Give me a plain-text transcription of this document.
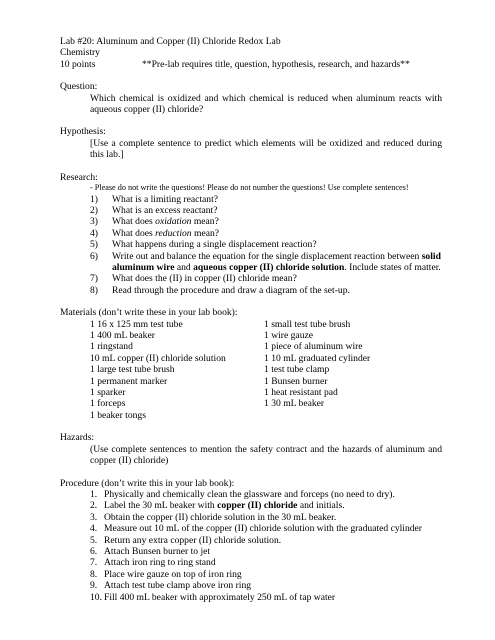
Lab #20: Aluminum and Copper (II) Chloride Redox Lab

Chemistry

10 points	**Pre-lab requires title, question, hypothesis, research, and hazards**

Question:

Which chemical is oxidized and which chemical is reduced when aluminum reacts with aqueous copper (II) chloride?

Hypothesis:

[Use a complete sentence to predict which elements will be oxidized and reduced during this lab.]

Research:

- Please do not write the questions! Please do not number the questions! Use complete sentences!

1)	What is a limiting reactant?
2)	What is an excess reactant?
3)	What does oxidation mean?
4)	What does reduction mean?
5)	What happens during a single displacement reaction?
6)	Write out and balance the equation for the single displacement reaction between solid aluminum wire and aqueous copper (II) chloride solution. Include states of matter.
7)	What does the (II) in copper (II) chloride mean?
8)	Read through the procedure and draw a diagram of the set-up.

Materials (don’t write these in your lab book):

1 16 x 125 mm test tube

1 400 mL beaker

1 ringstand

10 mL copper (II) chloride solution

1 large test tube brush

1 permanent marker

1 sparker

1 forceps

1 beaker tongs

1 small test tube brush

1 wire gauze

1 piece of aluminum wire

1 10 mL graduated cylinder

1 test tube clamp

1 Bunsen burner

1 heat resistant pad

1 30 mL beaker

Hazards:

(Use complete sentences to mention the safety contract and the hazards of aluminum and copper (II) chloride)

Procedure (don’t write this in your lab book):

1. Physically and chemically clean the glassware and forceps (no need to dry).
2. Label the 30 mL beaker with copper (II) chloride and initials.
3. Obtain the copper (II) chloride solution in the 30 mL beaker.
4. Measure out 10 mL of the copper (II) chloride solution with the graduated cylinder
5. Return any extra copper (II) chloride solution.
6. Attach Bunsen burner to jet
7. Attach iron ring to ring stand
8. Place wire gauze on top of iron ring
9. Attach test tube clamp above iron ring
10. Fill 400 mL beaker with approximately 250 mL of tap water
